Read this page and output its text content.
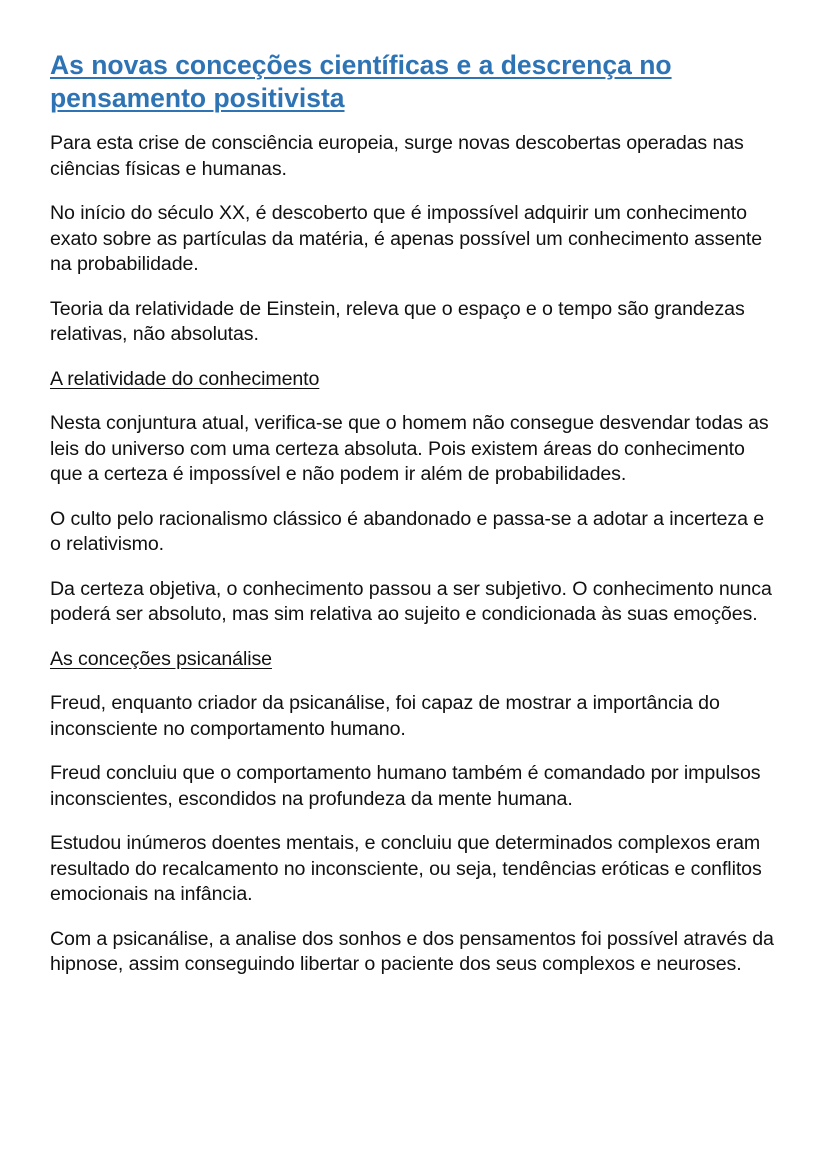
As novas conceções científicas e a descrença no pensamento positivista

Para esta crise de consciência europeia, surge novas descobertas operadas nas ciências físicas e humanas.

No início do século XX, é descoberto que é impossível adquirir um conhecimento exato sobre as partículas da matéria, é apenas possível um conhecimento assente na probabilidade.

Teoria da relatividade de Einstein, releva que o espaço e o tempo são grandezas relativas, não absolutas.

A relatividade do conhecimento

Nesta conjuntura atual, verifica-se que o homem não consegue desvendar todas as leis do universo com uma certeza absoluta. Pois existem áreas do conhecimento que a certeza é impossível e não podem ir além de probabilidades.

O culto pelo racionalismo clássico é abandonado e passa-se a adotar a incerteza e o relativismo.

Da certeza objetiva, o conhecimento passou a ser subjetivo. O conhecimento nunca poderá ser absoluto, mas sim relativa ao sujeito e condicionada às suas emoções.

As conceções psicanálise

Freud, enquanto criador da psicanálise, foi capaz de mostrar a importância do inconsciente no comportamento humano.

Freud concluiu que o comportamento humano também é comandado por impulsos inconscientes, escondidos na profundeza da mente humana.

Estudou inúmeros doentes mentais, e concluiu que determinados complexos eram resultado do recalcamento no inconsciente, ou seja, tendências eróticas e conflitos emocionais na infância.

Com a psicanálise, a analise dos sonhos e dos pensamentos foi possível através da hipnose, assim conseguindo libertar o paciente dos seus complexos e neuroses.
